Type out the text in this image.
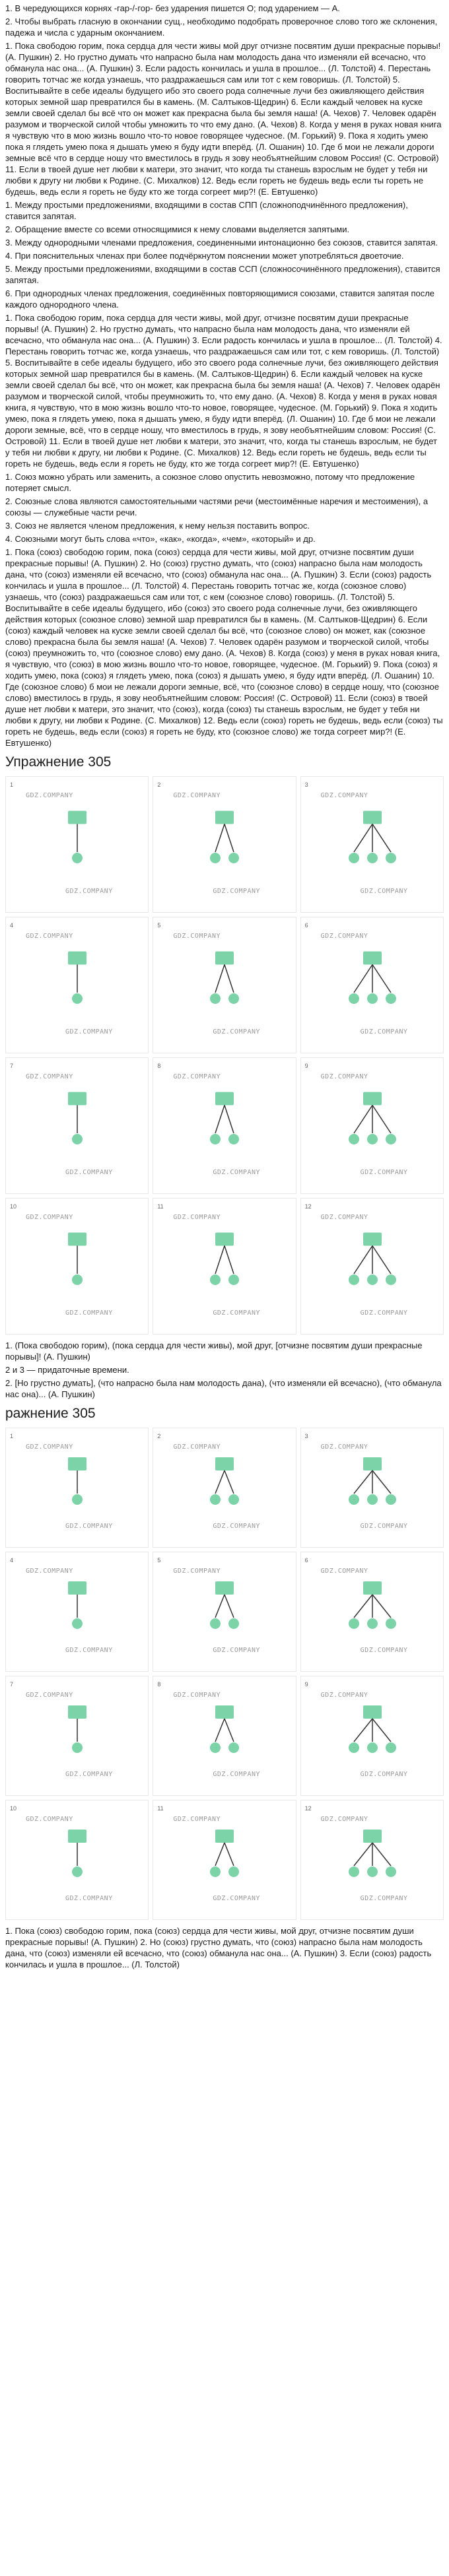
1. В чередующихся корнях -гар-/-гор- без ударения пишется О; под ударением — А.

2. Чтобы выбрать гласную в окончании сущ., необходимо подобрать проверочное слово того же склонения, падежа и числа с ударным окончанием.

1. Пока свободою горим, пока сердца для чести живы мой друг отчизне посвятим души прекрасные порывы! (А. Пушкин) 2. Но грустно думать что напрасно была нам молодость дана что изменяли ей всечасно, что обманула нас она... (А. Пушкин) 3. Если радость кончилась и ушла в прошлое... (Л. Толстой) 4. Перестань говорить тотчас же когда узнаешь, что раздражаешься сам или тот с кем говоришь. (Л. Толстой) 5. Воспитывайте в себе идеалы будущего ибо это своего рода солнечные лучи без оживляющего действия которых земной шар превратился бы в камень. (М. Салтыков-Щедрин) 6. Если каждый человек на куске земли своей сделал бы всё что он может как прекрасна была бы земля наша! (А. Чехов) 7. Человек одарён разумом и творческой силой чтобы умножить то что ему дано. (А. Чехов) 8. Когда у меня в руках новая книга я чувствую что в мою жизнь вошло что-то новое говорящее чудесное. (М. Горький) 9. Пока я ходить умею пока я глядеть умею пока я дышать умею я буду идти вперёд. (Л. Ошанин) 10. Где б мои не лежали дороги земные всё что в сердце ношу что вместилось в грудь я зову необъятнейшим словом Россия! (С. Островой) 11. Если в твоей душе нет любви к матери, это значит, что когда ты станешь взрослым не будет у тебя ни любви к другу ни любви к Родине. (С. Михалков) 12. Ведь если гореть не будешь ведь если ты гореть не будешь, ведь если я гореть не буду кто же тогда согреет мир?! (Е. Евтушенко)

1. Между простыми предложениями, входящими в состав СПП (сложноподчинённого предложения), ставится запятая.

2. Обращение вместе со всеми относящимися к нему словами выделяется запятыми.

3. Между однородными членами предложения, соединенными интонационно без союзов, ставится запятая.

4. При пояснительных членах при более подчёркнутом пояснении может употребляться двоеточие.

5. Между простыми предложениями, входящими в состав ССП (сложносочинённого предложения), ставится запятая.

6. При однородных членах предложения, соединённых повторяющимися союзами, ставится запятая после каждого однородного члена.

1. Пока свободою горим, пока сердца для чести живы, мой друг, отчизне посвятим души прекрасные порывы! (А. Пушкин) 2. Но грустно думать, что напрасно была нам молодость дана, что изменяли ей всечасно, что обманула нас она... (А. Пушкин) 3. Если радость кончилась и ушла в прошлое... (Л. Толстой) 4. Перестань говорить тотчас же, когда узнаешь, что раздражаешься сам или тот, с кем говоришь. (Л. Толстой) 5. Воспитывайте в себе идеалы будущего, ибо это своего рода солнечные лучи, без оживляющего действия которых земной шар превратился бы в камень. (М. Салтыков-Щедрин) 6. Если каждый человек на куске земли своей сделал бы всё, что он может, как прекрасна была бы земля наша! (А. Чехов) 7. Человек одарён разумом и творческой силой, чтобы преумножить то, что ему дано. (А. Чехов) 8. Когда у меня в руках новая книга, я чувствую, что в мою жизнь вошло что-то новое, говорящее, чудесное. (М. Горький) 9. Пока я ходить умею, пока я глядеть умею, пока я дышать умею, я буду идти вперёд. (Л. Ошанин) 10. Где б мои не лежали дороги земные, всё, что в сердце ношу, что вместилось в грудь, я зову необъятнейшим словом: Россия! (С. Островой) 11. Если в твоей душе нет любви к матери, это значит, что, когда ты станешь взрослым, не будет у тебя ни любви к другу, ни любви к Родине. (С. Михалков) 12. Ведь если гореть не будешь, ведь если ты гореть не будешь, ведь если я гореть не буду, кто же тогда согреет мир?! (Е. Евтушенко)

1. Союз можно убрать или заменить, а союзное слово опустить невозможно, потому что предложение потеряет смысл.

2. Союзные слова являются самостоятельными частями речи (местоимённые наречия и местоимения), а союзы — служебные части речи.

3. Союз не является членом предложения, к нему нельзя поставить вопрос.

4. Союзными могут быть слова «что», «как», «когда», «чем», «который» и др.

1. Пока (союз) свободою горим, пока (союз) сердца для чести живы, мой друг, отчизне посвятим души прекрасные порывы! (А. Пушкин) 2. Но (союз) грустно думать, что (союз) напрасно была нам молодость дана, что (союз) изменяли ей всечасно, что (союз) обманула нас она... (А. Пушкин) 3. Если (союз) радость кончилась и ушла в прошлое... (Л. Толстой) 4. Перестань говорить тотчас же, когда (союзное слово) узнаешь, что (союз) раздражаешься сам или тот, с кем (союзное слово) говоришь. (Л. Толстой) 5. Воспитывайте в себе идеалы будущего, ибо (союз) это своего рода солнечные лучи, без оживляющего действия которых (союзное слово) земной шар превратился бы в камень. (М. Салтыков-Щедрин) 6. Если (союз) каждый человек на куске земли своей сделал бы всё, что (союзное слово) он может, как (союзное слово) прекрасна была бы земля наша! (А. Чехов) 7. Человек одарён разумом и творческой силой, чтобы (союз) преумножить то, что (союзное слово) ему дано. (А. Чехов) 8. Когда (союз) у меня в руках новая книга, я чувствую, что (союз) в мою жизнь вошло что-то новое, говорящее, чудесное. (М. Горький) 9. Пока (союз) я ходить умею, пока (союз) я глядеть умею, пока (союз) я дышать умею, я буду идти вперёд. (Л. Ошанин) 10. Где (союзное слово) б мои не лежали дороги земные, всё, что (союзное слово) в сердце ношу, что (союзное слово) вместилось в грудь, я зову необъятнейшим словом: Россия! (С. Островой) 11. Если (союз) в твоей душе нет любви к матери, это значит, что (союз), когда (союз) ты станешь взрослым, не будет у тебя ни любви к другу, ни любви к Родине. (С. Михалков) 12. Ведь если (союз) гореть не будешь, ведь если (союз) ты гореть не будешь, ведь если (союз) я гореть не буду, кто (союзное слово) же тогда согреет мир?! (Е. Евтушенко)

Упражнение 305
1
GDZ.COMPANY
GDZ.COMPANY
2
GDZ.COMPANY
GDZ.COMPANY
3
GDZ.COMPANY
GDZ.COMPANY
4
GDZ.COMPANY
GDZ.COMPANY
5
GDZ.COMPANY
GDZ.COMPANY
6
GDZ.COMPANY
GDZ.COMPANY
7
GDZ.COMPANY
GDZ.COMPANY
8
GDZ.COMPANY
GDZ.COMPANY
9
GDZ.COMPANY
GDZ.COMPANY
10
GDZ.COMPANY
GDZ.COMPANY
11
GDZ.COMPANY
GDZ.COMPANY
12
GDZ.COMPANY
GDZ.COMPANY

1. (Пока свободою горим), (пока сердца для чести живы), мой друг, [отчизне посвятим души прекрасные порывы]! (А. Пушкин)

2 и 3 — придаточные времени.

2. [Но грустно думать], (что напрасно была нам молодость дана), (что изменяли ей всечасно), (что обманула нас она)... (А. Пушкин)

ражнение 305
1
GDZ.COMPANY
GDZ.COMPANY
2
GDZ.COMPANY
GDZ.COMPANY
3
GDZ.COMPANY
GDZ.COMPANY
4
GDZ.COMPANY
GDZ.COMPANY
5
GDZ.COMPANY
GDZ.COMPANY
6
GDZ.COMPANY
GDZ.COMPANY
7
GDZ.COMPANY
GDZ.COMPANY
8
GDZ.COMPANY
GDZ.COMPANY
9
GDZ.COMPANY
GDZ.COMPANY
10
GDZ.COMPANY
GDZ.COMPANY
11
GDZ.COMPANY
GDZ.COMPANY
12
GDZ.COMPANY
GDZ.COMPANY

1. Пока (союз) свободою горим, пока (союз) сердца для чести живы, мой друг, отчизне посвятим души прекрасные порывы! (А. Пушкин) 2. Но (союз) грустно думать, что (союз) напрасно была нам молодость дана, что (союз) изменяли ей всечасно, что (союз) обманула нас она... (А. Пушкин) 3. Если (союз) радость кончилась и ушла в прошлое... (Л. Толстой)
